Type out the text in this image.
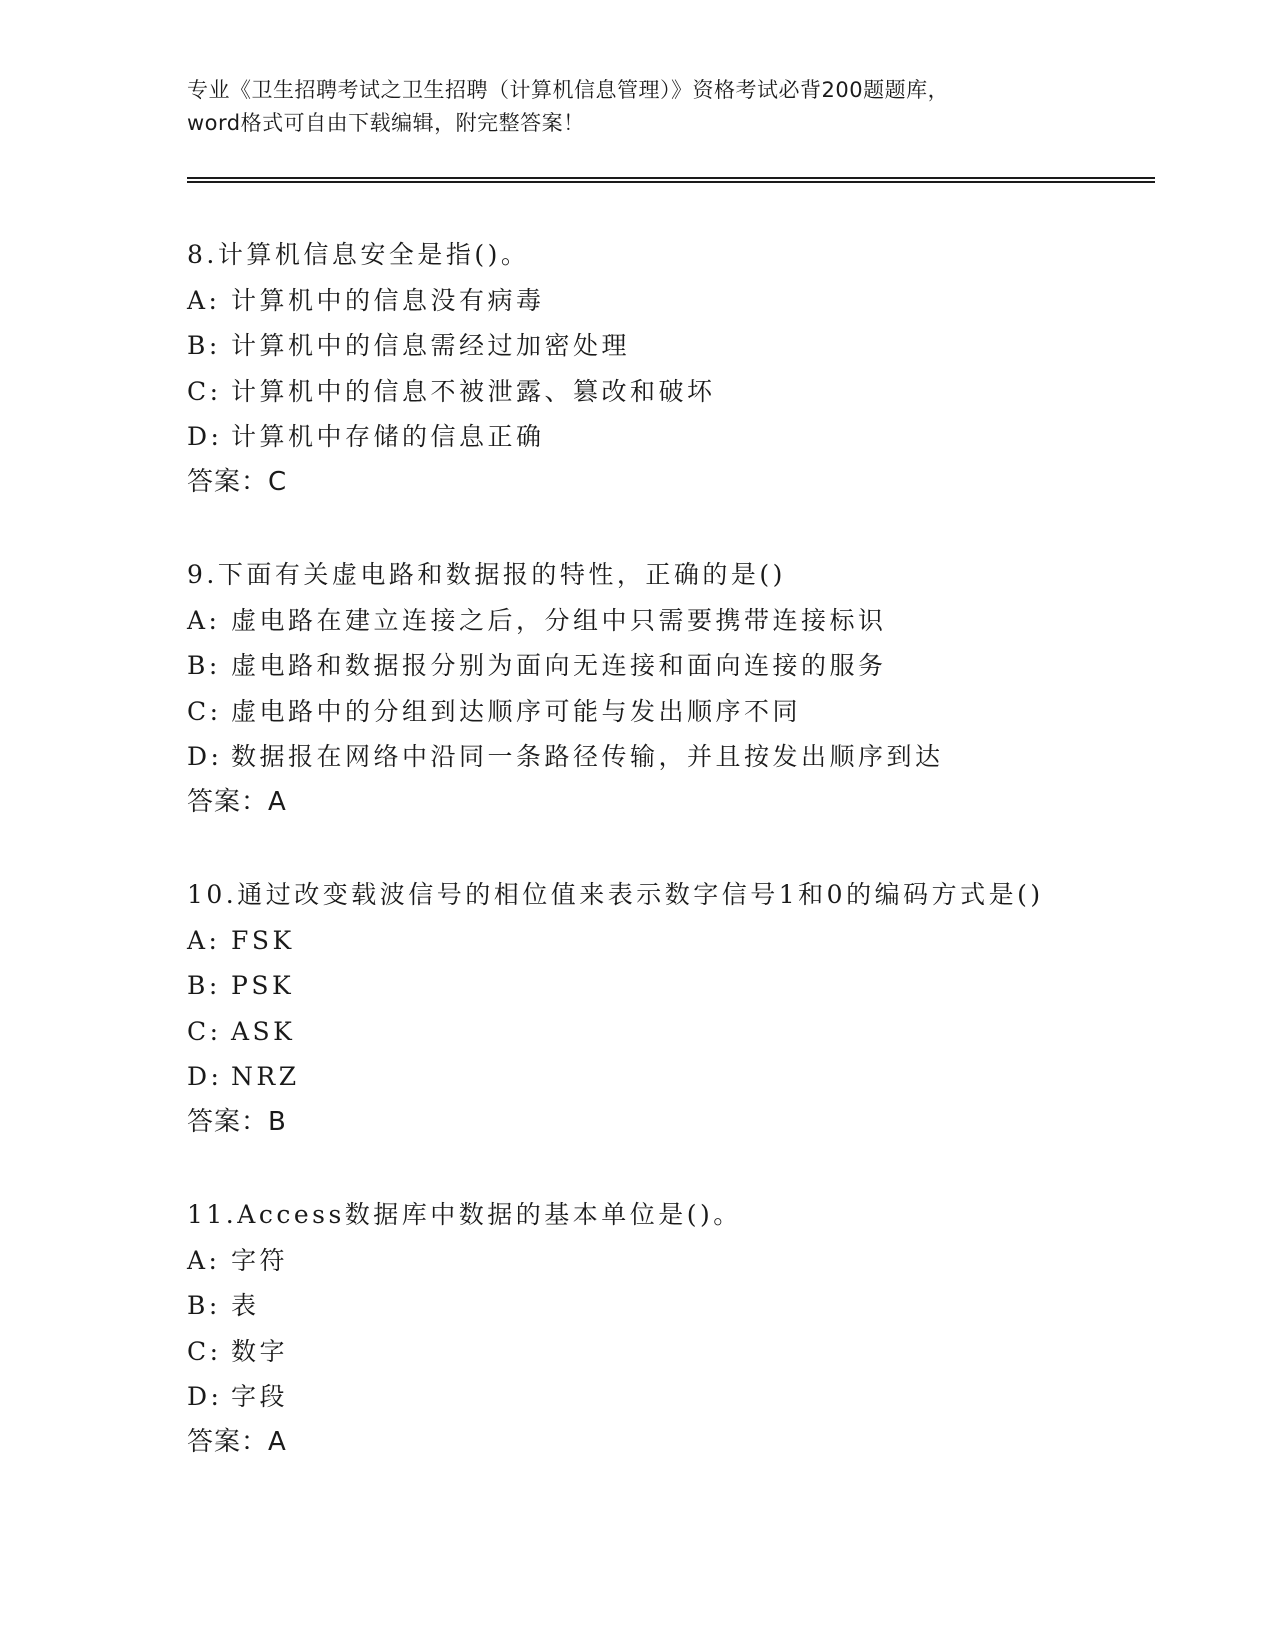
专业《卫生招聘考试之卫生招聘（计算机信息管理）》资格考试必背200题题库，
word格式可自由下载编辑，附完整答案！
8.计算机信息安全是指()。
A: 计算机中的信息没有病毒
B: 计算机中的信息需经过加密处理
C: 计算机中的信息不被泄露、篡改和破坏
D: 计算机中存储的信息正确
答案：C
9.下面有关虚电路和数据报的特性，正确的是()
A: 虚电路在建立连接之后，分组中只需要携带连接标识
B: 虚电路和数据报分别为面向无连接和面向连接的服务
C: 虚电路中的分组到达顺序可能与发出顺序不同
D: 数据报在网络中沿同一条路径传输，并且按发出顺序到达
答案：A
10.通过改变载波信号的相位值来表示数字信号1和0的编码方式是()
A: FSK
B: PSK
C: ASK
D: NRZ
答案：B
11.Access数据库中数据的基本单位是()。
A: 字符
B: 表
C: 数字
D: 字段
答案：A
